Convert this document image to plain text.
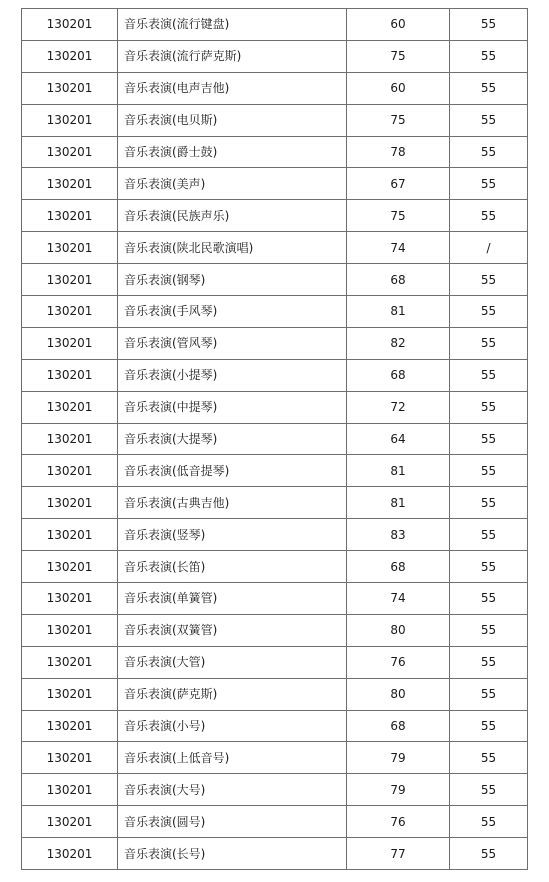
130201	音乐表演(流行键盘)	60	55
130201	音乐表演(流行萨克斯)	75	55
130201	音乐表演(电声吉他)	60	55
130201	音乐表演(电贝斯)	75	55
130201	音乐表演(爵士鼓)	78	55
130201	音乐表演(美声)	67	55
130201	音乐表演(民族声乐)	75	55
130201	音乐表演(陕北民歌演唱)	74	/
130201	音乐表演(钢琴)	68	55
130201	音乐表演(手风琴)	81	55
130201	音乐表演(管风琴)	82	55
130201	音乐表演(小提琴)	68	55
130201	音乐表演(中提琴)	72	55
130201	音乐表演(大提琴)	64	55
130201	音乐表演(低音提琴)	81	55
130201	音乐表演(古典吉他)	81	55
130201	音乐表演(竖琴)	83	55
130201	音乐表演(长笛)	68	55
130201	音乐表演(单簧管)	74	55
130201	音乐表演(双簧管)	80	55
130201	音乐表演(大管)	76	55
130201	音乐表演(萨克斯)	80	55
130201	音乐表演(小号)	68	55
130201	音乐表演(上低音号)	79	55
130201	音乐表演(大号)	79	55
130201	音乐表演(圆号)	76	55
130201	音乐表演(长号)	77	55
